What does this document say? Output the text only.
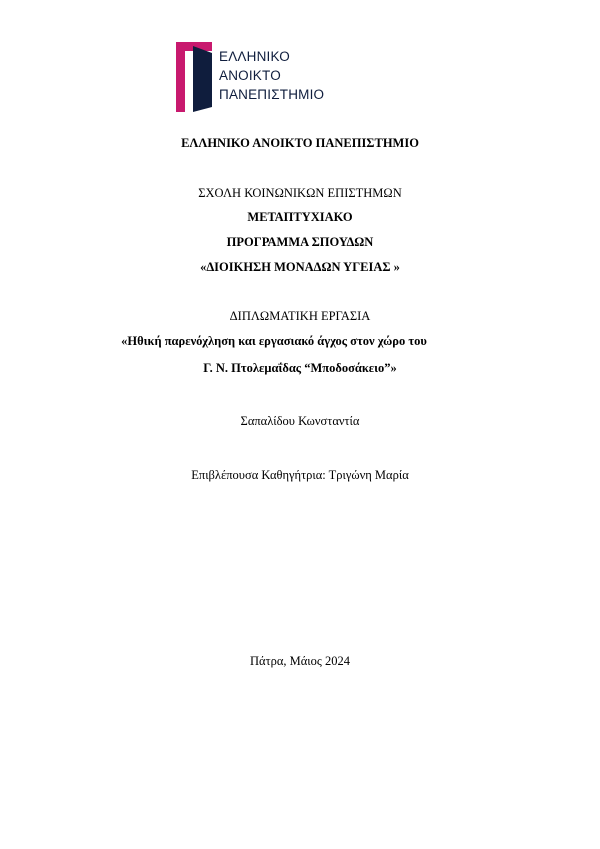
ΕΛΛΗΝΙΚΟ
ΑΝΟΙΚΤΟ
ΠΑΝΕΠΙΣΤΗΜΙΟ
ΕΛΛΗΝΙΚΟ ΑΝΟΙΚΤΟ ΠΑΝΕΠΙΣΤΗΜΙΟ
ΣΧΟΛΗ ΚΟΙΝΩΝΙΚΩΝ ΕΠΙΣΤΗΜΩΝ
ΜΕΤΑΠΤΥΧΙΑΚΟ
ΠΡΟΓΡΑΜΜΑ ΣΠΟΥΔΩΝ
«ΔΙΟΙΚΗΣΗ ΜΟΝΑΔΩΝ ΥΓΕΙΑΣ »
ΔΙΠΛΩΜΑΤΙΚΗ ΕΡΓΑΣΙΑ
«Ηθική παρενόχληση και εργασιακό άγχος στον χώρο του
Γ. Ν. Πτολεμαΐδας “Μποδοσάκειο”»
Σαπαλίδου Κωνσταντία
Επιβλέπουσα Καθηγήτρια: Τριγώνη Μαρία
Πάτρα, Μάιος 2024
